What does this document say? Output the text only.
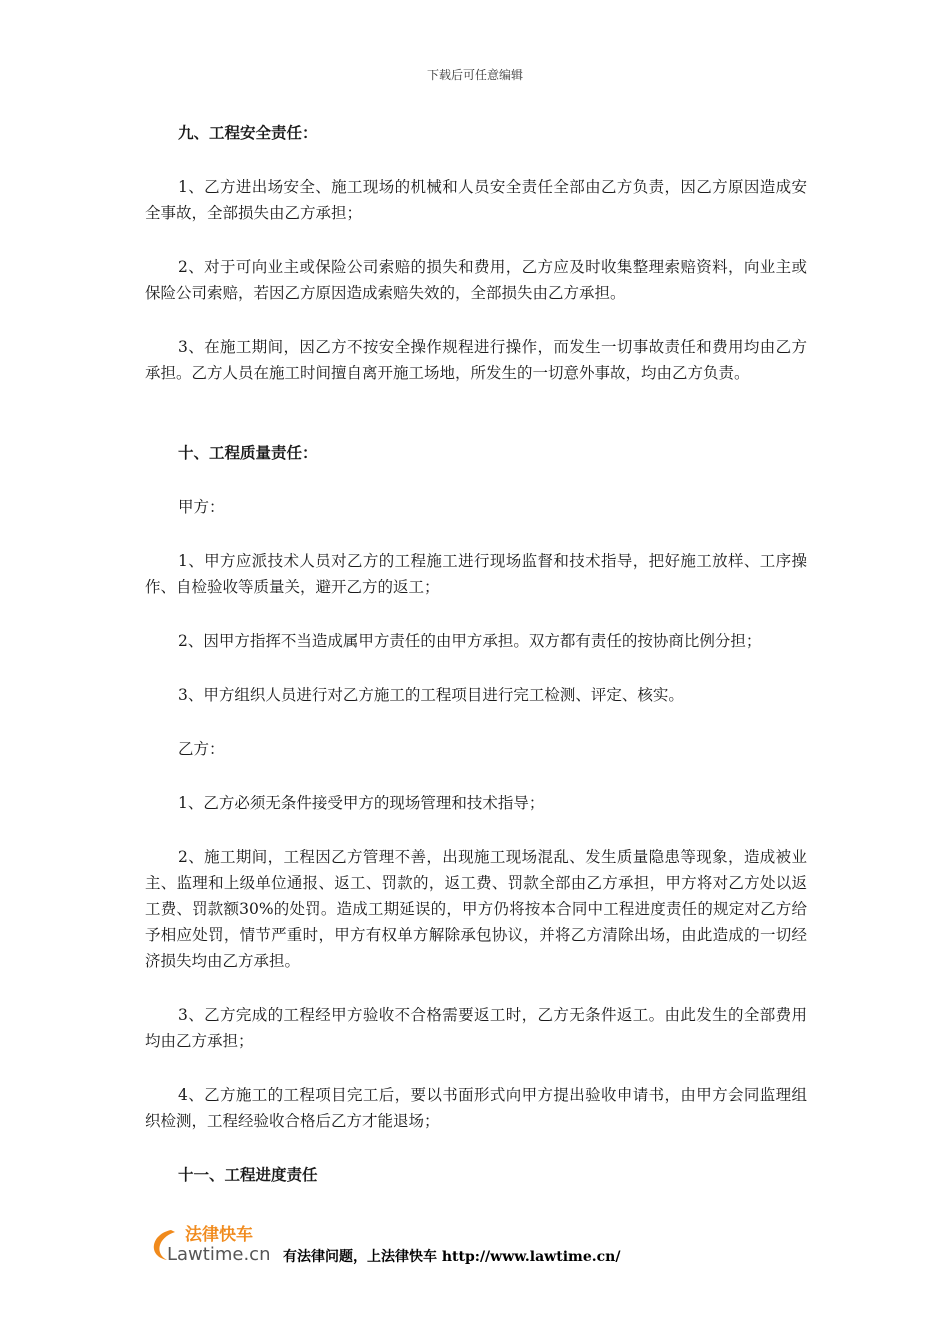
下载后可任意编辑

九、工程安全责任：

1、乙方进出场安全、施工现场的机械和人员安全责任全部由乙方负责，因乙方原因造成安全事故，全部损失由乙方承担；

2、对于可向业主或保险公司索赔的损失和费用，乙方应及时收集整理索赔资料，向业主或保险公司索赔，若因乙方原因造成索赔失效的，全部损失由乙方承担。

3、在施工期间，因乙方不按安全操作规程进行操作，而发生一切事故责任和费用均由乙方承担。乙方人员在施工时间擅自离开施工场地，所发生的一切意外事故，均由乙方负责。

十、工程质量责任：

甲方：

1、甲方应派技术人员对乙方的工程施工进行现场监督和技术指导，把好施工放样、工序操作、自检验收等质量关，避开乙方的返工；

2、因甲方指挥不当造成属甲方责任的由甲方承担。双方都有责任的按协商比例分担；

3、甲方组织人员进行对乙方施工的工程项目进行完工检测、评定、核实。

乙方：

1、乙方必须无条件接受甲方的现场管理和技术指导；

2、施工期间，工程因乙方管理不善，出现施工现场混乱、发生质量隐患等现象，造成被业主、监理和上级单位通报、返工、罚款的，返工费、罚款全部由乙方承担，甲方将对乙方处以返工费、罚款额30%的处罚。造成工期延误的，甲方仍将按本合同中工程进度责任的规定对乙方给予相应处罚，情节严重时，甲方有权单方解除承包协议，并将乙方清除出场，由此造成的一切经济损失均由乙方承担。

3、乙方完成的工程经甲方验收不合格需要返工时，乙方无条件返工。由此发生的全部费用均由乙方承担；

4、乙方施工的工程项目完工后，要以书面形式向甲方提出验收申请书，由甲方会同监理组织检测，工程经验收合格后乙方才能退场；

十一、工程进度责任

法律快车
Lawtime.cn 有法律问题，上法律快车 http://www.lawtime.cn/
